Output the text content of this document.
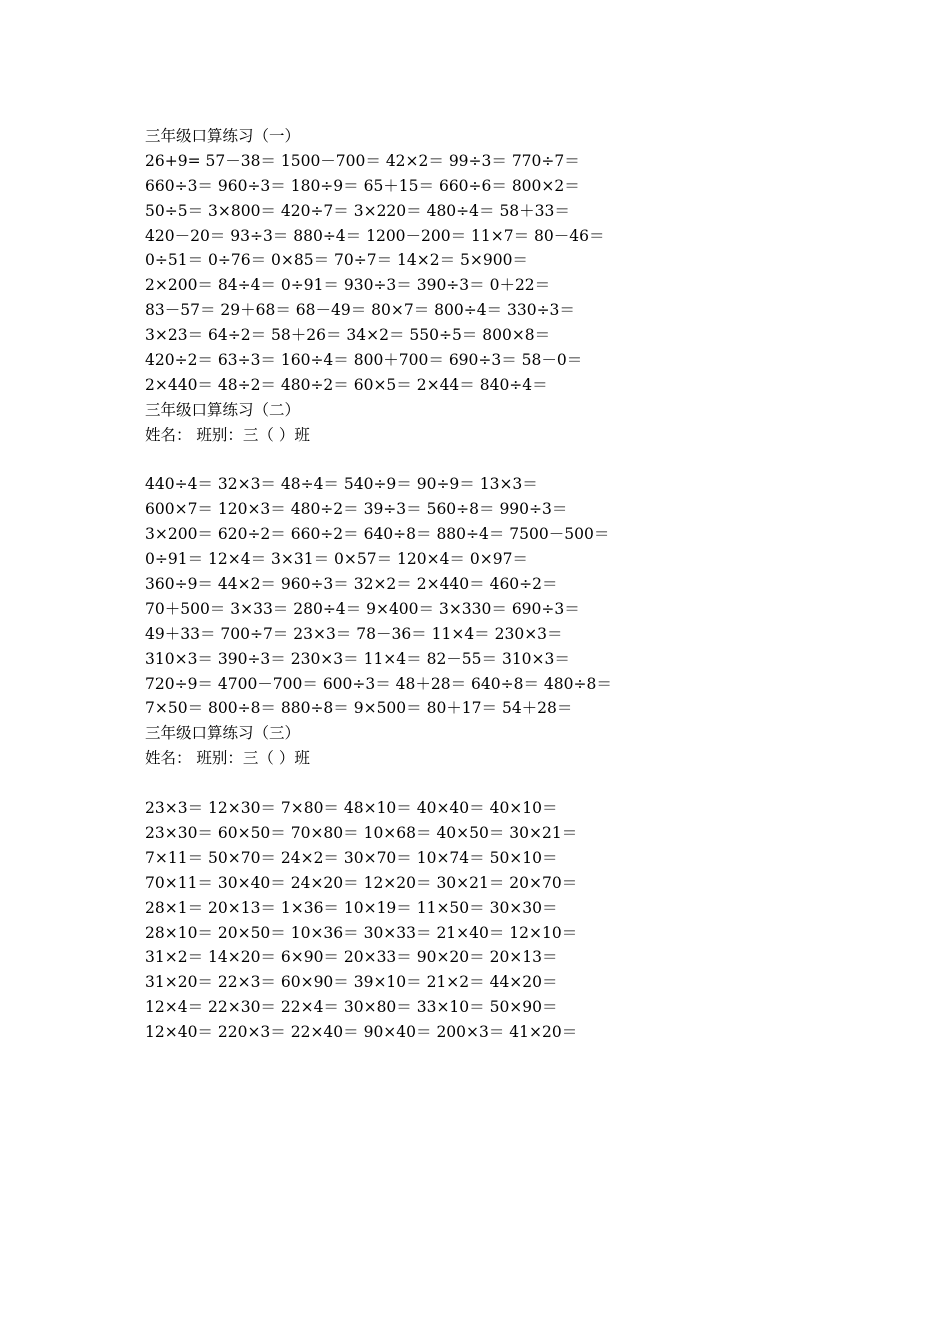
三年级口算练习（一）

26+9= 57－38＝ 1500－700＝ 42×2＝ 99÷3＝ 770÷7＝

660÷3＝ 960÷3＝ 180÷9＝ 65＋15＝ 660÷6＝ 800×2＝

50÷5＝ 3×800＝ 420÷7＝ 3×220＝ 480÷4＝ 58＋33＝

420－20＝ 93÷3＝ 880÷4＝ 1200－200＝ 11×7＝ 80－46＝

0÷51＝ 0÷76＝ 0×85＝ 70÷7＝ 14×2＝ 5×900＝

2×200＝ 84÷4＝ 0÷91＝ 930÷3＝ 390÷3＝ 0＋22＝

83－57＝ 29＋68＝ 68－49＝ 80×7＝ 800÷4＝ 330÷3＝

3×23＝ 64÷2＝ 58＋26＝ 34×2＝ 550÷5＝ 800×8＝

420÷2＝ 63÷3＝ 160÷4＝ 800＋700＝ 690÷3＝ 58－0＝

2×440＝ 48÷2＝ 480÷2＝ 60×5＝ 2×44＝ 840÷4＝

三年级口算练习（二）

姓名： 班别：三（ ）班

440÷4＝ 32×3＝ 48÷4＝ 540÷9＝ 90÷9＝ 13×3＝

600×7＝ 120×3＝ 480÷2＝ 39÷3＝ 560÷8＝ 990÷3＝

3×200＝ 620÷2＝ 660÷2＝ 640÷8＝ 880÷4＝ 7500－500＝

0÷91＝ 12×4＝ 3×31＝ 0×57＝ 120×4＝ 0×97＝

360÷9＝ 44×2＝ 960÷3＝ 32×2＝ 2×440＝ 460÷2＝

70＋500＝ 3×33＝ 280÷4＝ 9×400＝ 3×330＝ 690÷3＝

49＋33＝ 700÷7＝ 23×3＝ 78－36＝ 11×4＝ 230×3＝

310×3＝ 390÷3＝ 230×3＝ 11×4＝ 82－55＝ 310×3＝

720÷9＝ 4700－700＝ 600÷3＝ 48＋28＝ 640÷8＝ 480÷8＝

7×50＝ 800÷8＝ 880÷8＝ 9×500＝ 80＋17＝ 54＋28＝

三年级口算练习（三）

姓名： 班别：三（ ）班

23×3＝ 12×30＝ 7×80＝ 48×10＝ 40×40＝ 40×10＝

23×30＝ 60×50＝ 70×80＝ 10×68＝ 40×50＝ 30×21＝

7×11＝ 50×70＝ 24×2＝ 30×70＝ 10×74＝ 50×10＝

70×11＝ 30×40＝ 24×20＝ 12×20＝ 30×21＝ 20×70＝

28×1＝ 20×13＝ 1×36＝ 10×19＝ 11×50＝ 30×30＝

28×10＝ 20×50＝ 10×36＝ 30×33＝ 21×40＝ 12×10＝

31×2＝ 14×20＝ 6×90＝ 20×33＝ 90×20＝ 20×13＝

31×20＝ 22×3＝ 60×90＝ 39×10＝ 21×2＝ 44×20＝

12×4＝ 22×30＝ 22×4＝ 30×80＝ 33×10＝ 50×90＝

12×40＝ 220×3＝ 22×40＝ 90×40＝ 200×3＝ 41×20＝
